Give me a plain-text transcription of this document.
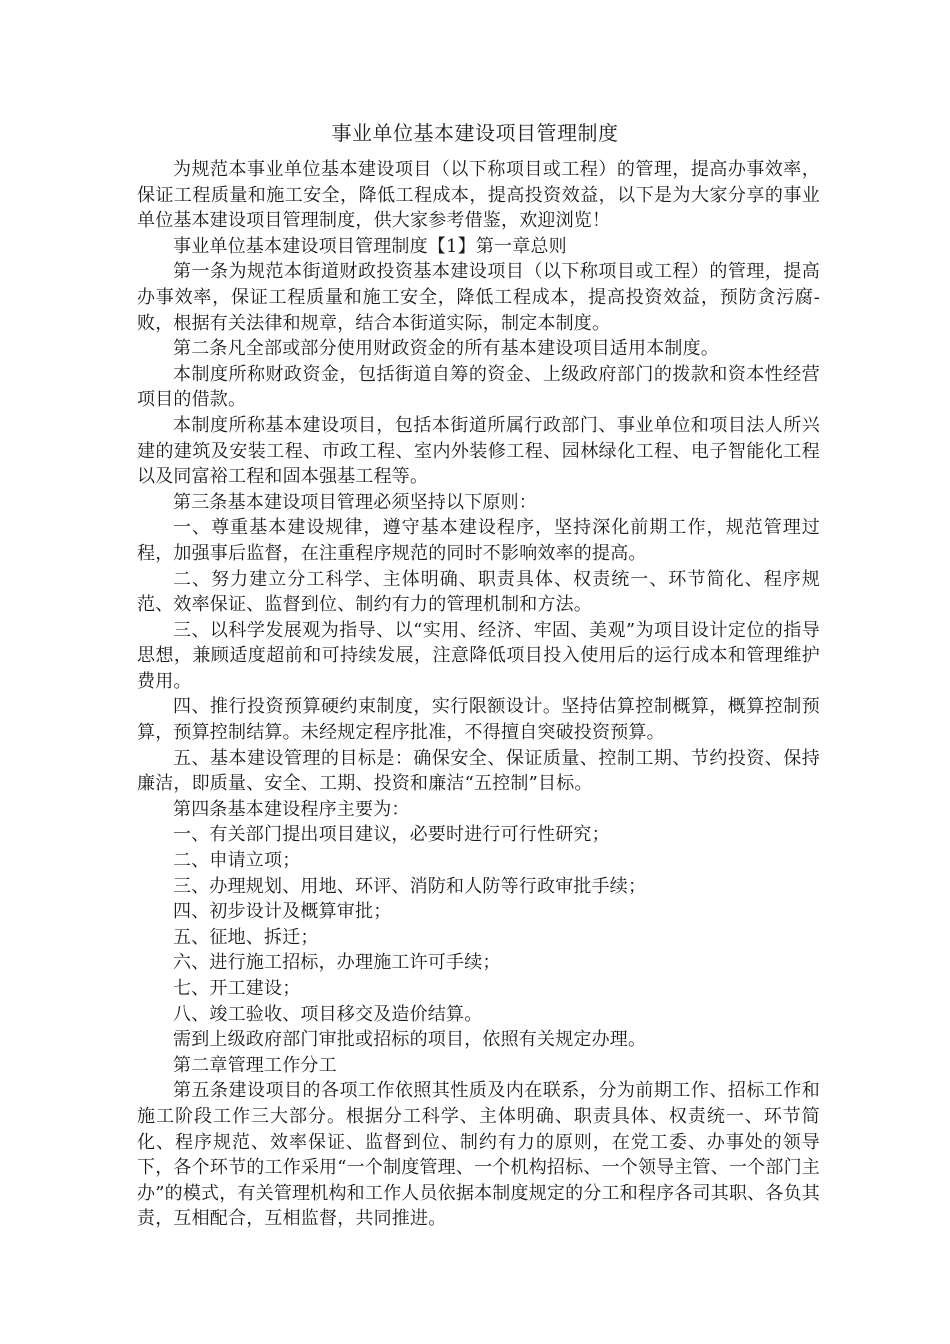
事业单位基本建设项目管理制度

为规范本事业单位基本建设项目（以下称项目或工程）的管理，提高办事效率，保证工程质量和施工安全，降低工程成本，提高投资效益，以下是为大家分享的事业单位基本建设项目管理制度，供大家参考借鉴，欢迎浏览！

事业单位基本建设项目管理制度【1】第一章总则

第一条为规范本街道财政投资基本建设项目（以下称项目或工程）的管理，提高办事效率，保证工程质量和施工安全，降低工程成本，提高投资效益，预防贪污腐-败，根据有关法律和规章，结合本街道实际，制定本制度。

第二条凡全部或部分使用财政资金的所有基本建设项目适用本制度。

本制度所称财政资金，包括街道自筹的资金、上级政府部门的拨款和资本性经营项目的借款。

本制度所称基本建设项目，包括本街道所属行政部门、事业单位和项目法人所兴建的建筑及安装工程、市政工程、室内外装修工程、园林绿化工程、电子智能化工程以及同富裕工程和固本强基工程等。

第三条基本建设项目管理必须坚持以下原则：

一、尊重基本建设规律，遵守基本建设程序，坚持深化前期工作，规范管理过程，加强事后监督，在注重程序规范的同时不影响效率的提高。

二、努力建立分工科学、主体明确、职责具体、权责统一、环节简化、程序规范、效率保证、监督到位、制约有力的管理机制和方法。

三、以科学发展观为指导、以“实用、经济、牢固、美观”为项目设计定位的指导思想，兼顾适度超前和可持续发展，注意降低项目投入使用后的运行成本和管理维护费用。

四、推行投资预算硬约束制度，实行限额设计。坚持估算控制概算，概算控制预算，预算控制结算。未经规定程序批准，不得擅自突破投资预算。

五、基本建设管理的目标是：确保安全、保证质量、控制工期、节约投资、保持廉洁，即质量、安全、工期、投资和廉洁“五控制”目标。

第四条基本建设程序主要为：

一、有关部门提出项目建议，必要时进行可行性研究；

二、申请立项；

三、办理规划、用地、环评、消防和人防等行政审批手续；

四、初步设计及概算审批；

五、征地、拆迁；

六、进行施工招标，办理施工许可手续；

七、开工建设；

八、竣工验收、项目移交及造价结算。

需到上级政府部门审批或招标的项目，依照有关规定办理。

第二章管理工作分工

第五条建设项目的各项工作依照其性质及内在联系，分为前期工作、招标工作和施工阶段工作三大部分。根据分工科学、主体明确、职责具体、权责统一、环节简化、程序规范、效率保证、监督到位、制约有力的原则，在党工委、办事处的领导下，各个环节的工作采用“一个制度管理、一个机构招标、一个领导主管、一个部门主办”的模式，有关管理机构和工作人员依据本制度规定的分工和程序各司其职、各负其责，互相配合，互相监督，共同推进。
